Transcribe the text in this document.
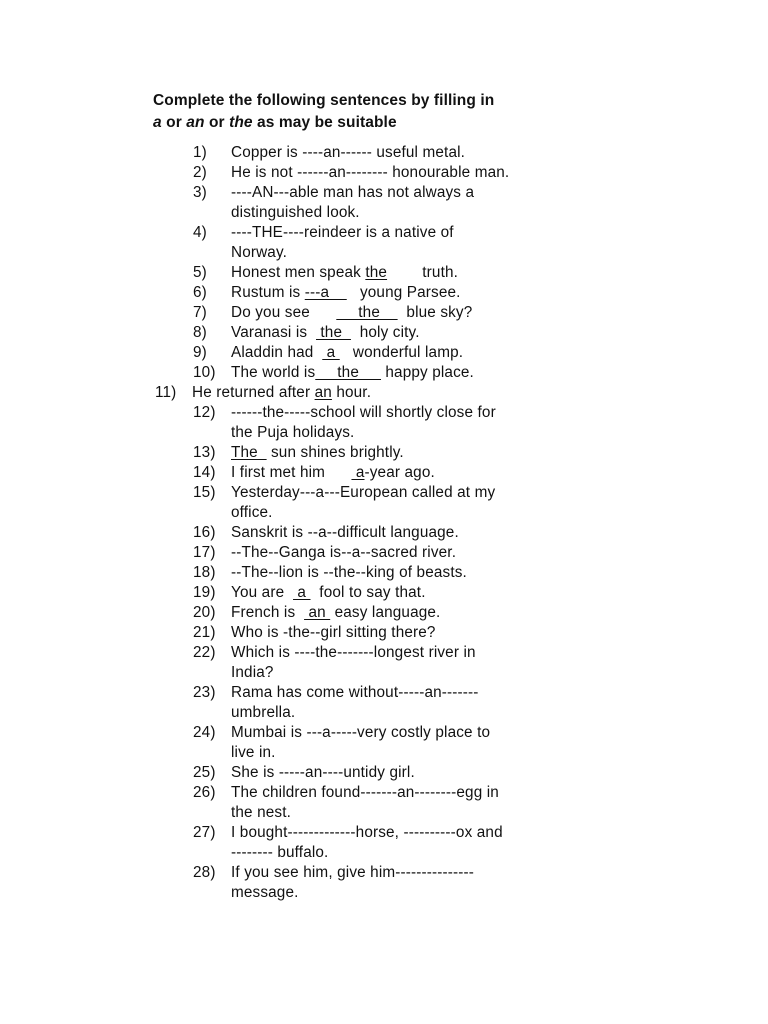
Complete the following sentences by filling in
a or an or the as may be suitable
1) Copper is ----an------ useful metal.
2) He is not ------an-------- honourable man.
3) ----AN---able man has not always a
distinguished look.
4) ----THE----reindeer is a native of
Norway.
5) Honest men speak the        truth.
6) Rustum is ---a       young Parsee.
7) Do you see           the      blue sky?
8) Varanasi is   the    holy city.
9) Aladdin had   a    wonderful lamp.
10) The world is     the      happy place.
11) He returned after an hour.
12) ------the-----school will shortly close for
the Puja holidays.
13) The   sun shines brightly.
14) I first met him       a-year ago.
15) Yesterday---a---European called at my
office.
16) Sanskrit is --a--difficult language.
17) --The--Ganga is--a--sacred river.
18) --The--lion is --the--king of beasts.
19) You are   a   fool to say that.
20) French is   an  easy language.
21) Who is -the--girl sitting there?
22) Which is ----the-------longest river in
India?
23) Rama has come without-----an-------
umbrella.
24) Mumbai is ---a-----very costly place to
live in.
25) She is -----an----untidy girl.
26) The children found-------an--------egg in
the nest.
27) I bought-------------horse, ----------ox and
-------- buffalo.
28) If you see him, give him---------------
message.
